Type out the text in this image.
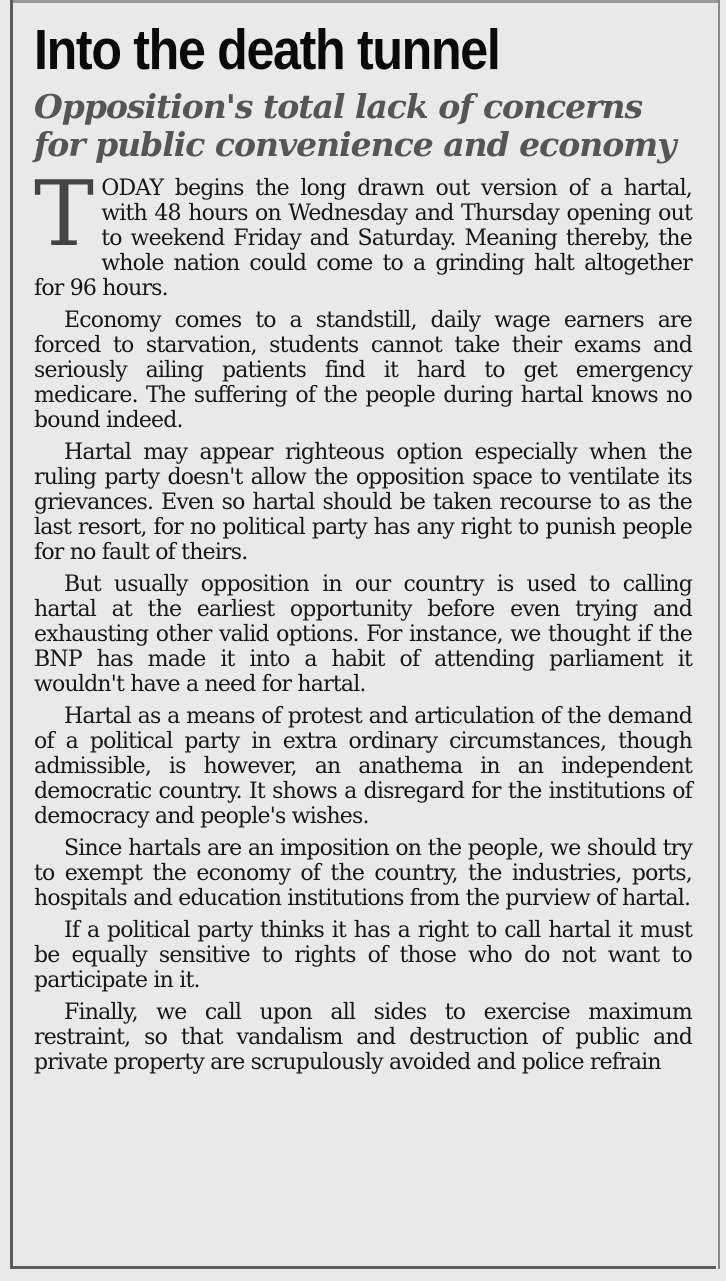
Into the death tunnel
Opposition's total lack of concerns for public convenience and economy

TODAY begins the long drawn out version of a hartal, with 48 hours on Wednesday and Thursday opening out to weekend Friday and Saturday. Meaning thereby, the whole nation could come to a grinding halt altogether for 96 hours.

Economy comes to a standstill, daily wage earners are forced to starvation, students cannot take their exams and seriously ailing patients find it hard to get emergency medicare. The suffering of the people during hartal knows no bound indeed.

Hartal may appear righteous option especially when the ruling party doesn't allow the opposition space to ventilate its grievances. Even so hartal should be taken recourse to as the last resort, for no political party has any right to punish people for no fault of theirs.

But usually opposition in our country is used to calling hartal at the earliest opportunity before even trying and exhausting other valid options. For instance, we thought if the BNP has made it into a habit of attending parliament it wouldn't have a need for hartal.

Hartal as a means of protest and articulation of the demand of a political party in extra ordinary circumstances, though admissible, is however, an anathema in an independent democratic country. It shows a disregard for the institutions of democracy and people's wishes.

Since hartals are an imposition on the people, we should try to exempt the economy of the country, the industries, ports, hospitals and education institutions from the purview of hartal.

If a political party thinks it has a right to call hartal it must be equally sensitive to rights of those who do not want to participate in it.

Finally, we call upon all sides to exercise maximum restraint, so that vandalism and destruction of public and private property are scrupulously avoided and police refrain
